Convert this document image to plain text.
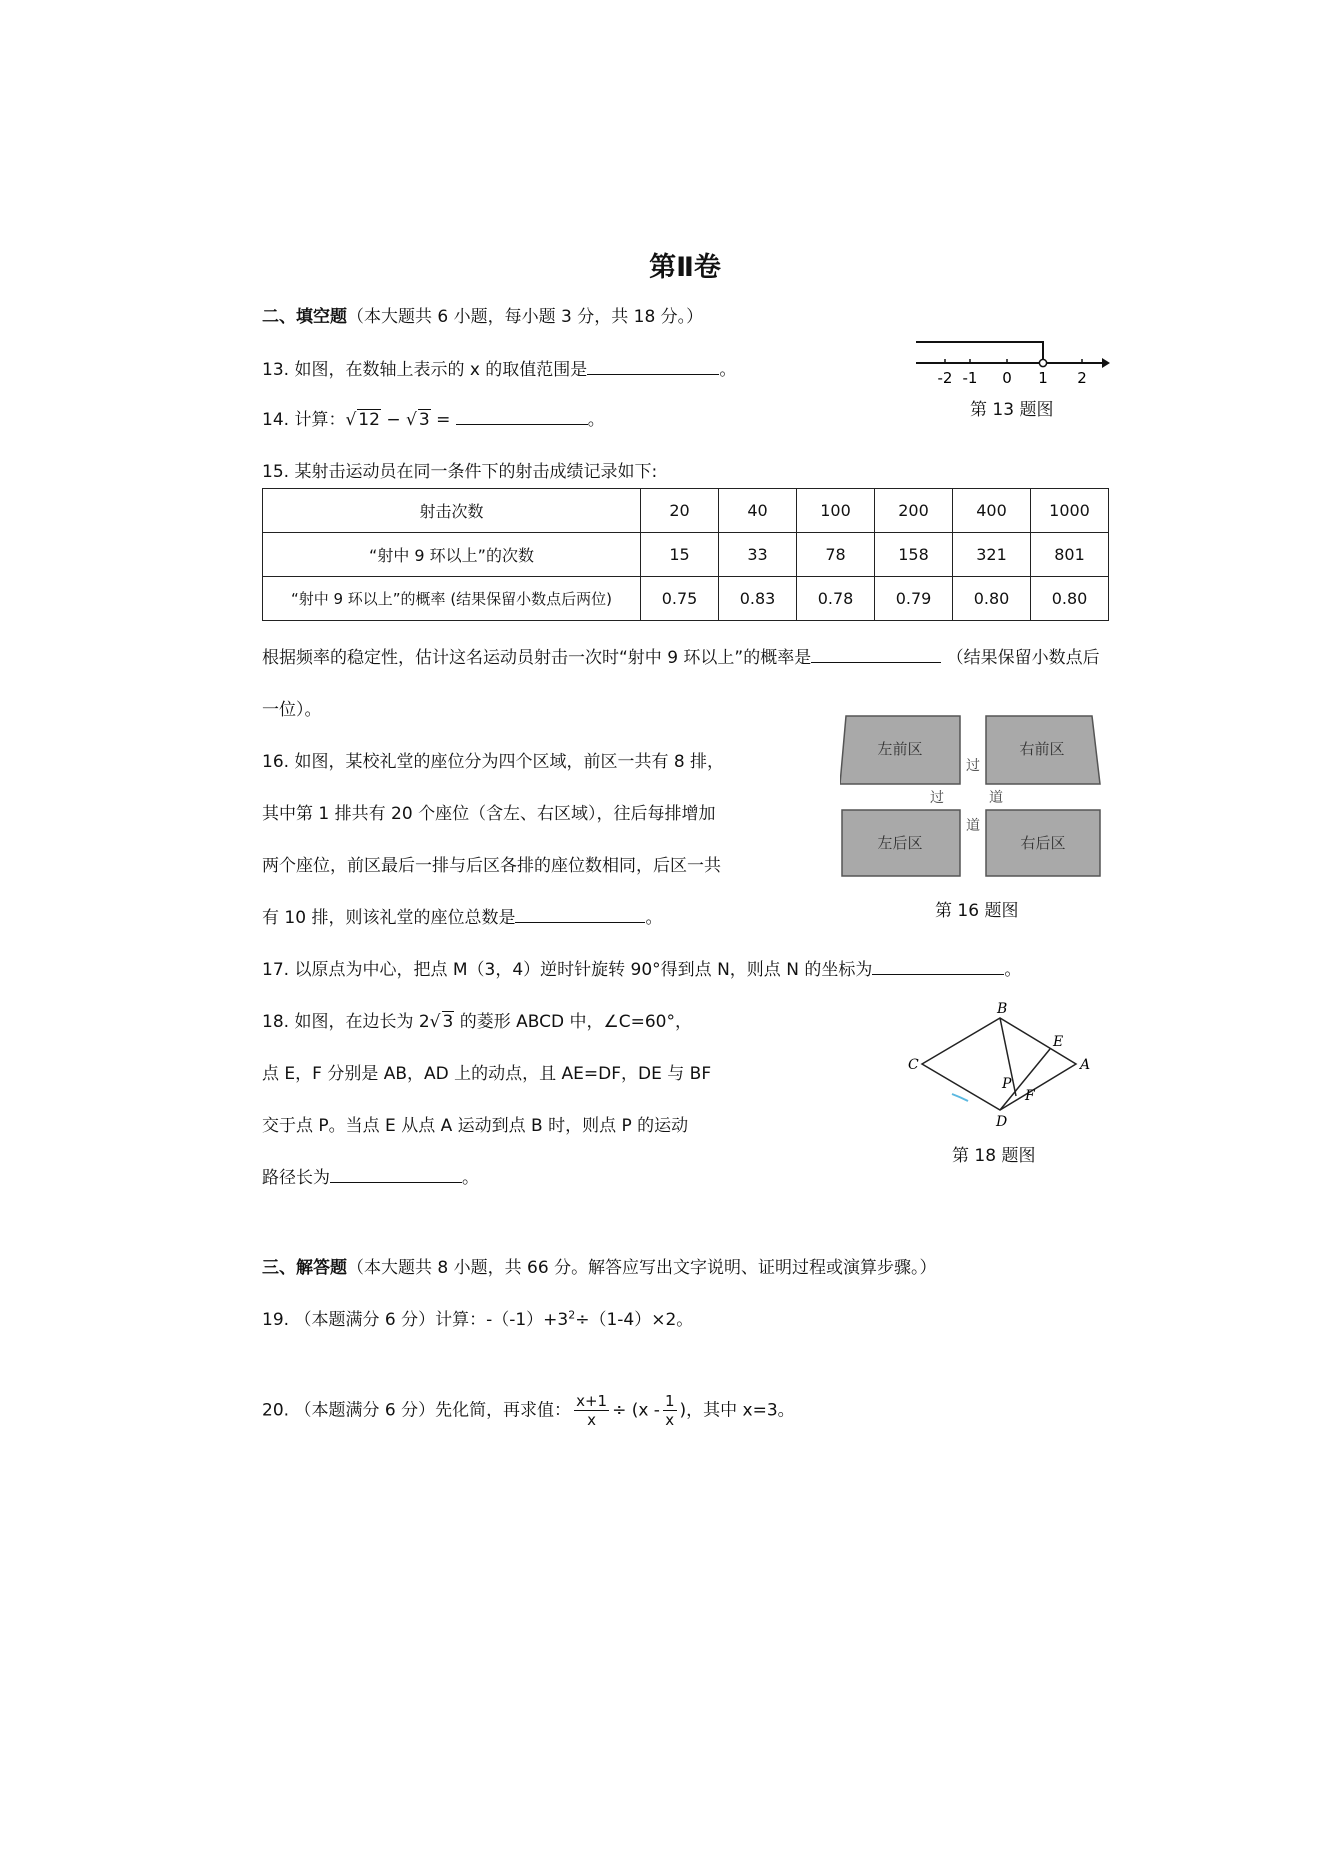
第Ⅱ卷
二、填空题（本大题共 6 小题，每小题 3 分，共 18 分。）
13. 如图，在数轴上表示的 x 的取值范围是	。	-2 -1 0 1 2
第 13 题图
14. 计算：√ 12 − √ 3 =	。
15. 某射击运动员在同一条件下的射击成绩记录如下:
射击次数	20	40	100	200	400	1000
“射中 9 环以上”的次数	15	33	78	158	321	801
“射中 9 环以上”的概率 (结果保留小数点后两位)	0.75	0.83	0.78	0.79	0.80	0.80
根据频率的稳定性，估计这名运动员射击一次时“射中 9 环以上”的概率是	（结果保留小数点后
一位）。
16. 如图，某校礼堂的座位分为四个区域，前区一共有 8 排，
其中第 1 排共有 20 个座位（含左、右区域），往后每排增加
两个座位，前区最后一排与后区各排的座位数相同，后区一共
有 10 排，则该礼堂的座位总数是	。
左前区	右前区
左后区	右后区
过
道
过
道
第 16 题图
17. 以原点为中心，把点 M（3，4）逆时针旋转 90°得到点 N，则点 N 的坐标为	。
18. 如图，在边长为 2√ 3 的菱形 ABCD 中，∠C=60°，
点 E，F 分别是 AB，AD 上的动点，且 AE=DF，DE 与 BF
交于点 P。当点 E 从点 A 运动到点 B 时，则点 P 的运动
路径长为	。
B
C	A
D
E
F
P
第 18 题图
三、解答题（本大题共 8 小题，共 66 分。解答应写出文字说明、证明过程或演算步骤。）
19. （本题满分 6 分）计算：$-(-1)+3^2\div(1-4)\times 2$。
20. （本题满分 6 分）先化简，再求值： $\frac{x+1}{x} \div (x - \frac{1}{x}$ )，其中 x=3。
